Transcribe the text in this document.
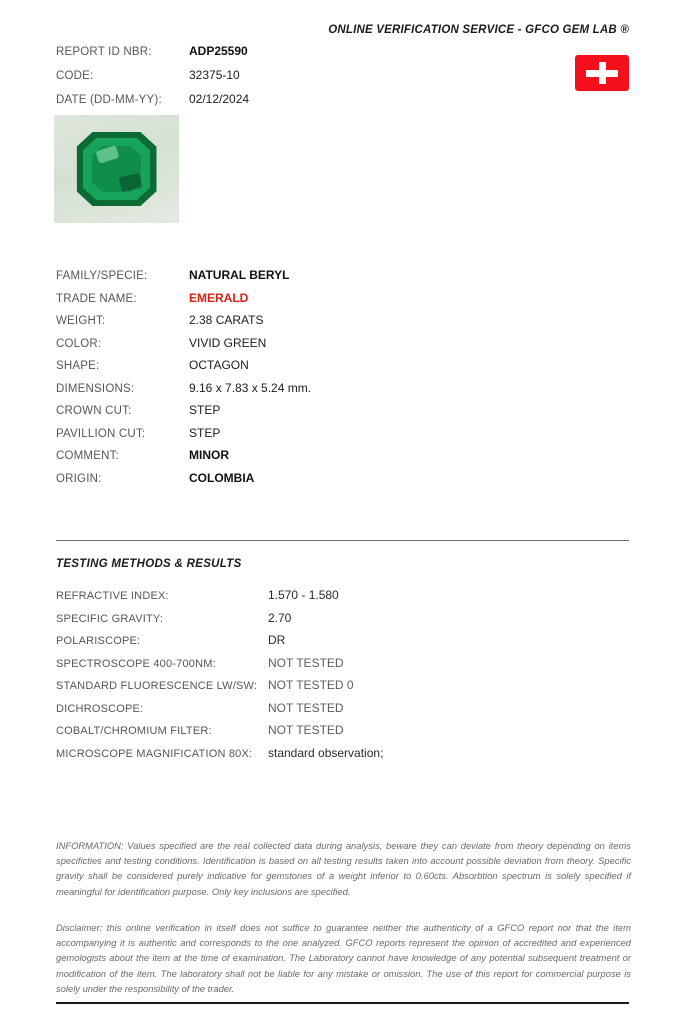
ONLINE VERIFICATION SERVICE - GFCO GEM LAB ®
REPORT ID NBR:	ADP25590
CODE:	32375-10
DATE (DD-MM-YY):	02/12/2024
FAMILY/SPECIE:	NATURAL BERYL
TRADE NAME:	EMERALD
WEIGHT:	2.38 CARATS
COLOR:	VIVID GREEN
SHAPE:	OCTAGON
DIMENSIONS:	9.16 x 7.83 x 5.24 mm.
CROWN CUT:	STEP
PAVILLION CUT:	STEP
COMMENT:	MINOR
ORIGIN:	COLOMBIA
TESTING METHODS & RESULTS
REFRACTIVE INDEX:	1.570 - 1.580
SPECIFIC GRAVITY:	2.70
POLARISCOPE:	DR
SPECTROSCOPE 400-700NM:	NOT TESTED
STANDARD FLUORESCENCE LW/SW: NOT TESTED 0
DICHROSCOPE:	NOT TESTED
COBALT/CHROMIUM FILTER:	NOT TESTED
MICROSCOPE MAGNIFICATION 80X:	standard observation;
INFORMATION: Values specified are the real collected data during analysis, beware they can deviate from theory depending on items specificties and testing conditions. Identification is based on all testing results taken into account possible deviation from theory. Specific gravity shall be considered purely indicative for gemstones of a weight inferior to 0.60cts. Absorbtion spectrum is solely specified if meaningful for identification purpose. Only key inclusions are specified.
Disclaimer: this online verification in itself does not suffice to guarantee neither the authenticity of a GFCO report nor that the item accompanying it is authentic and corresponds to the one analyzed. GFCO reports represent the opinion of accredited and experienced gemologists about the item at the time of examination. The Laboratory cannot have knowledge of any potential subsequent treatment or modification of the item. The laboratory shall not be liable for any mistake or omission. The use of this report for commercial purpose is solely under the responsibility of the trader.
